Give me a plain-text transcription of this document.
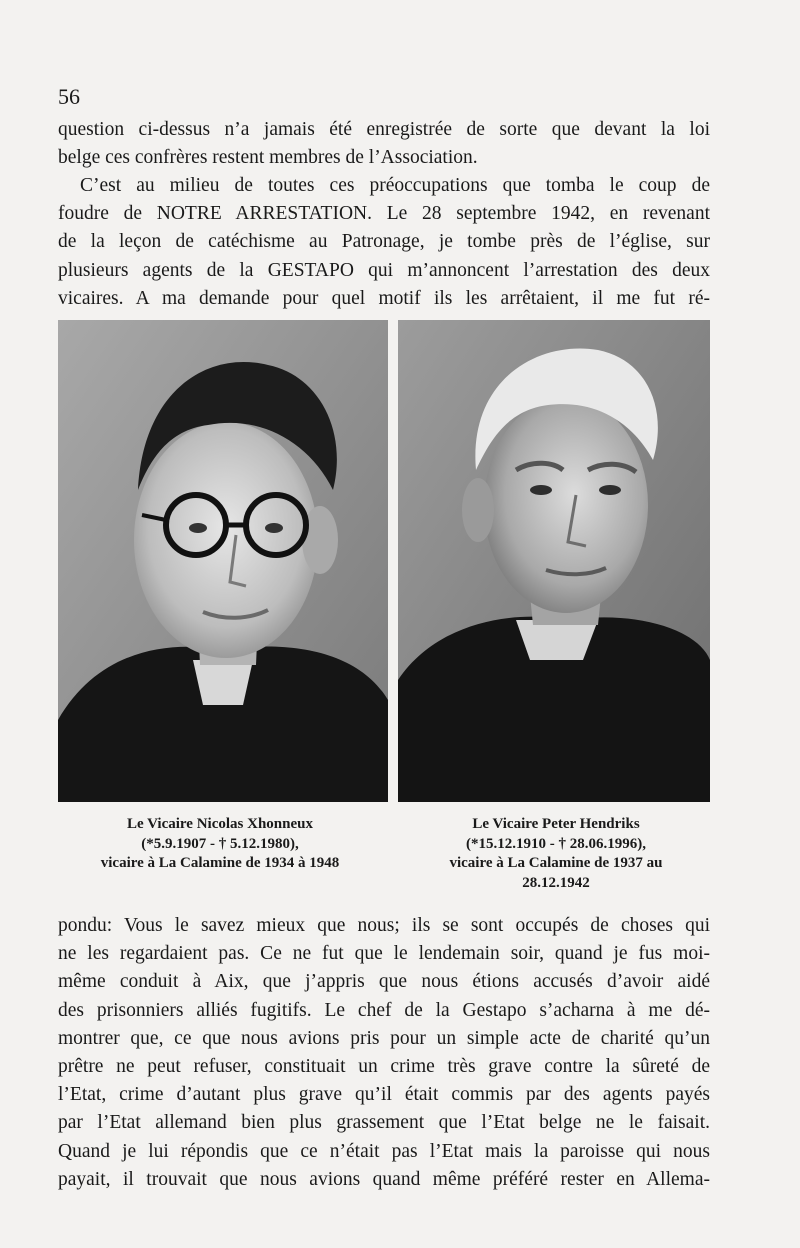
56

question ci-dessus n’a jamais été enregistrée de sorte que devant la loi
belge ces confrères restent membres de l’Association.

C’est au milieu de toutes ces préoccupations que tomba le coup de
foudre de NOTRE ARRESTATION. Le 28 septembre 1942, en revenant
de la leçon de catéchisme au Patronage, je tombe près de l’église, sur
plusieurs agents de la GESTAPO qui m’annoncent l’arrestation des deux
vicaires. A ma demande pour quel motif ils les arrêtaient, il me fut ré-

Le Vicaire Nicolas Xhonneux
(*5.9.1907 - † 5.12.1980),
vicaire à La Calamine de 1934 à 1948
Le Vicaire Peter Hendriks
(*15.12.1910 - † 28.06.1996),
vicaire à La Calamine de 1937 au
28.12.1942

pondu: Vous le savez mieux que nous; ils se sont occupés de choses qui
ne les regardaient pas. Ce ne fut que le lendemain soir, quand je fus moi-
même conduit à Aix, que j’appris que nous étions accusés d’avoir aidé
des prisonniers alliés fugitifs. Le chef de la Gestapo s’acharna à me dé-
montrer que, ce que nous avions pris pour un simple acte de charité qu’un
prêtre ne peut refuser, constituait un crime très grave contre la sûreté de
l’Etat, crime d’autant plus grave qu’il était commis par des agents payés
par l’Etat allemand bien plus grassement que l’Etat belge ne le faisait.
Quand je lui répondis que ce n’était pas l’Etat mais la paroisse qui nous
payait, il trouvait que nous avions quand même préféré rester en Allema-
